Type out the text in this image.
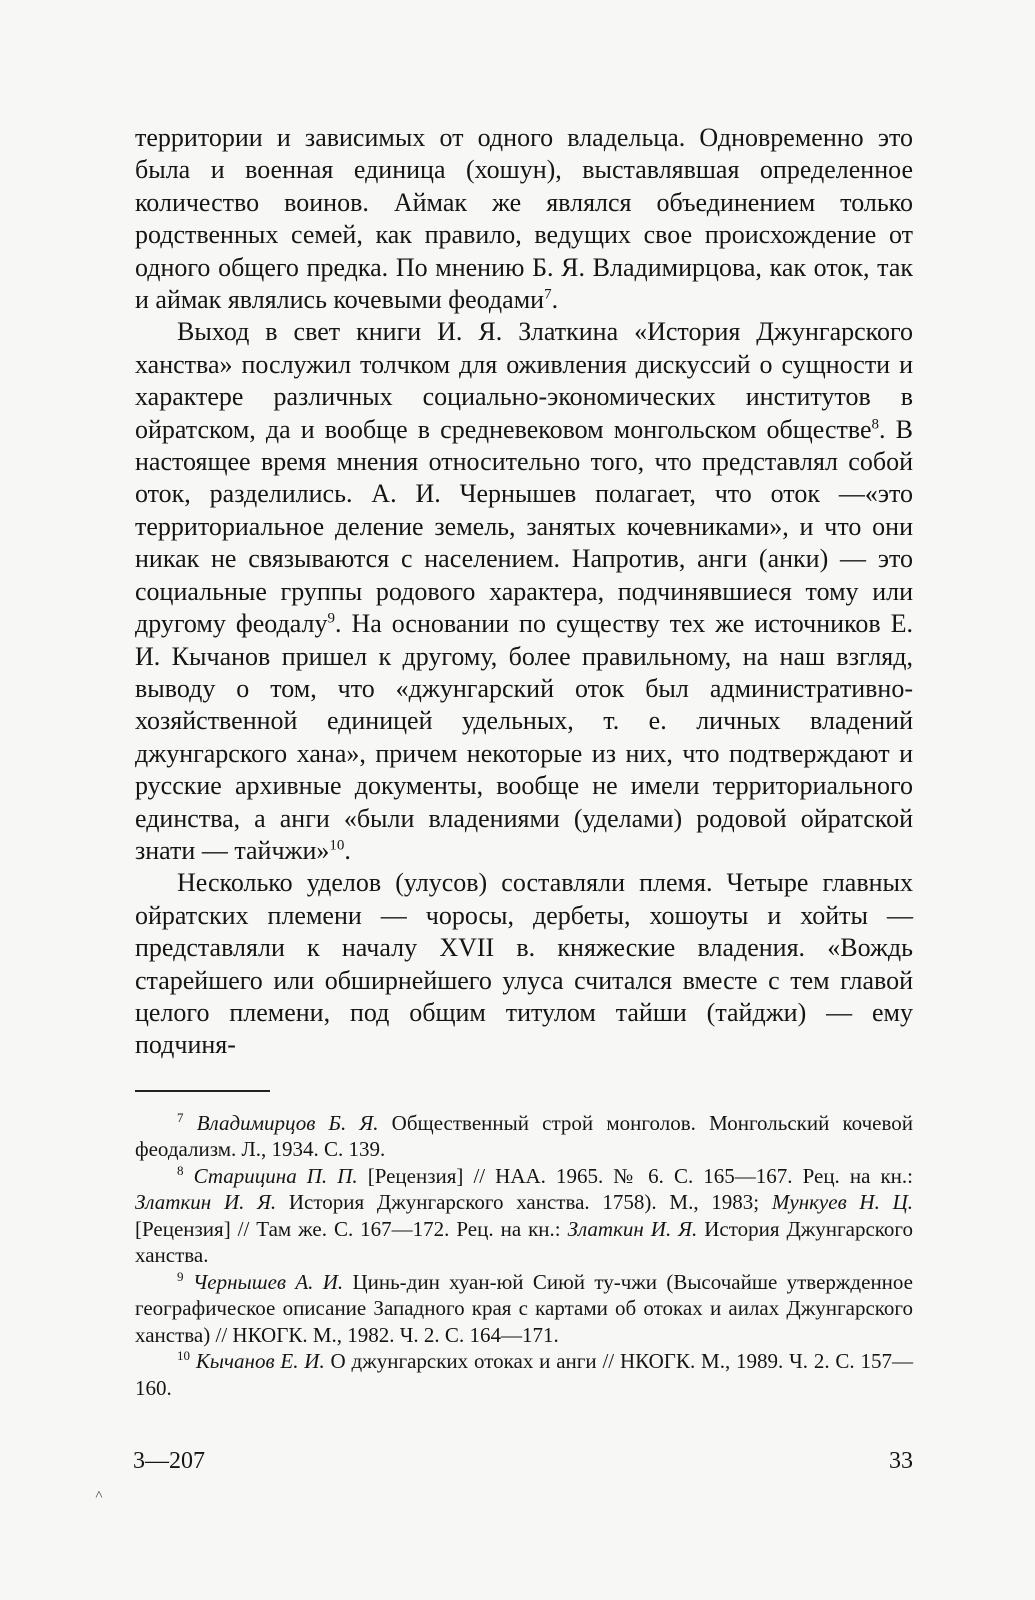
территории и зависимых от одного владельца. Одновременно это была и военная единица (хошун), выставлявшая определенное количество воинов. Аймак же являлся объединением только родственных семей, как правило, ведущих свое происхождение от одного общего предка. По мнению Б. Я. Владимирцова, как оток, так и аймак являлись кочевыми феодами$^7$.

Выход в свет книги И. Я. Златкина «История Джунгарского ханства» послужил толчком для оживления дискуссий о сущности и характере различных социально-экономических институтов в ойратском, да и вообще в средневековом монгольском обществе$^8$. В настоящее время мнения относительно того, что представлял собой оток, разделились. А. И. Чернышев полагает, что оток —«это территориальное деление земель, занятых кочевниками», и что они никак не связываются с населением. Напротив, анги (анки) — это социальные группы родового характера, подчинявшиеся тому или другому феодалу$^9$. На основании по существу тех же источников Е. И. Кычанов пришел к другому, более правильному, на наш взгляд, выводу о том, что «джунгарский оток был административно-хозяйственной единицей удельных, т. е. личных владений джунгарского хана», причем некоторые из них, что подтверждают и русские архивные документы, вообще не имели территориального единства, а анги «были владениями (уделами) родовой ойратской знати — тайчжи»$^{10}$.

Несколько уделов (улусов) составляли племя. Четыре главных ойратских племени — чоросы, дербеты, хошоуты и хойты — представляли к началу XVII в. княжеские владения. «Вождь старейшего или обширнейшего улуса считался вместе с тем главой целого племени, под общим титулом тайши (тайджи) — ему подчиня-

$^7$ Владимирцов Б. Я. Общественный строй монголов. Монгольский кочевой феодализм. Л., 1934. С. 139.

$^8$ Старицина П. П. [Рецензия] // НАА. 1965. № 6. С. 165—167. Рец. на кн.: Златкин И. Я. История Джунгарского ханства. 1758). М., 1983; Мункуев Н. Ц. [Рецензия] // Там же. С. 167—172. Рец. на кн.: Златкин И. Я. История Джунгарского ханства.

$^9$ Чернышев А. И. Цинь-дин хуан-юй Сиюй ту-чжи (Высочайше утвержденное географическое описание Западного края с картами об отоках и аилах Джунгарского ханства) // НКОГК. М., 1982. Ч. 2. С. 164—171.

$^{10}$ Кычанов Е. И. О джунгарских отоках и анги // НКОГК. М., 1989. Ч. 2. С. 157—160.

3—207	33
˄
